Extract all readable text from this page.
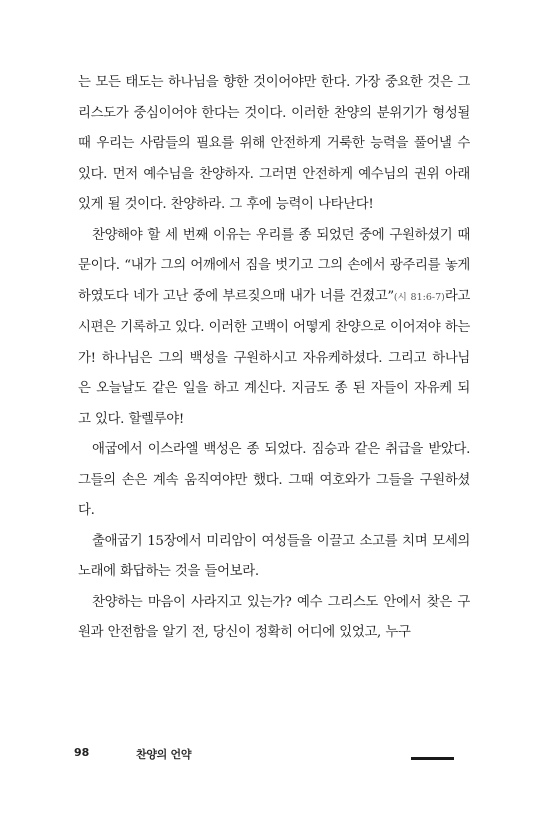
는 모든 태도는 하나님을 향한 것이어야만 한다. 가장 중요한 것은 그리스도가 중심이어야 한다는 것이다. 이러한 찬양의 분위기가 형성될 때 우리는 사람들의 필요를 위해 안전하게 거룩한 능력을 풀어낼 수 있다. 먼저 예수님을 찬양하자. 그러면 안전하게 예수님의 권위 아래 있게 될 것이다. 찬양하라. 그 후에 능력이 나타난다!

찬양해야 할 세 번째 이유는 우리를 종 되었던 중에 구원하셨기 때문이다. “내가 그의 어깨에서 짐을 벗기고 그의 손에서 광주리를 놓게 하였도다 네가 고난 중에 부르짖으매 내가 너를 건졌고”(시 81:6-7)라고 시편은 기록하고 있다. 이러한 고백이 어떻게 찬양으로 이어져야 하는가! 하나님은 그의 백성을 구원하시고 자유케하셨다. 그리고 하나님은 오늘날도 같은 일을 하고 계신다. 지금도 종 된 자들이 자유케 되고 있다. 할렐루야!

애굽에서 이스라엘 백성은 종 되었다. 짐승과 같은 취급을 받았다. 그들의 손은 계속 움직여야만 했다. 그때 여호와가 그들을 구원하셨다.

출애굽기 15장에서 미리암이 여성들을 이끌고 소고를 치며 모세의 노래에 화답하는 것을 들어보라.

찬양하는 마음이 사라지고 있는가? 예수 그리스도 안에서 찾은 구원과 안전함을 알기 전, 당신이 정확히 어디에 있었고, 누구

98	찬양의 언약
